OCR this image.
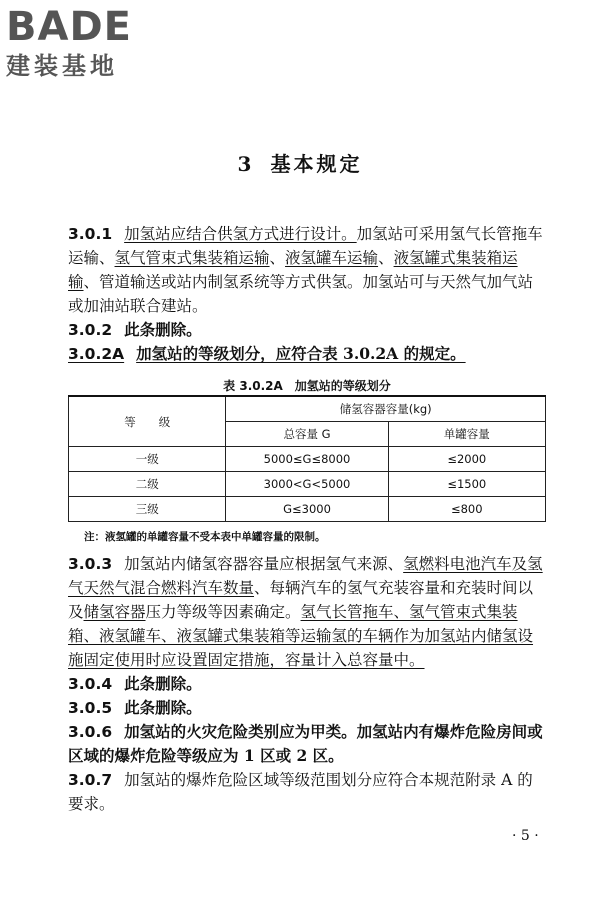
BADE
建装基地
3 基本规定

3.0.1 加氢站应结合供氢方式进行设计。加氢站可采用氢气长管拖车运输、氢气管束式集装箱运输、液氢罐车运输、液氢罐式集装箱运输、管道输送或站内制氢系统等方式供氢。加氢站可与天然气加气站或加油站联合建站。

3.0.2 此条删除。

3.0.2A 加氢站的等级划分，应符合表 3.0.2A 的规定。

表 3.0.2A　加氢站的等级划分
等　　级	储氢容器容量(kg)	
	总容量 G	单罐容量
一级	5000≤G≤8000	≤2000
二级	3000<G<5000	≤1500
三级	G≤3000	≤800
注：液氢罐的单罐容量不受本表中单罐容量的限制。

3.0.3 加氢站内储氢容器容量应根据氢气来源、氢燃料电池汽车及氢气天然气混合燃料汽车数量、每辆汽车的氢气充装容量和充装时间以及储氢容器压力等级等因素确定。氢气长管拖车、氢气管束式集装箱、液氢罐车、液氢罐式集装箱等运输氢的车辆作为加氢站内储氢设施固定使用时应设置固定措施，容量计入总容量中。

3.0.4 此条删除。

3.0.5 此条删除。

3.0.6 加氢站的火灾危险类别应为甲类。加氢站内有爆炸危险房间或区域的爆炸危险等级应为 1 区或 2 区。

3.0.7 加氢站的爆炸危险区域等级范围划分应符合本规范附录 A 的要求。

· 5 ·
